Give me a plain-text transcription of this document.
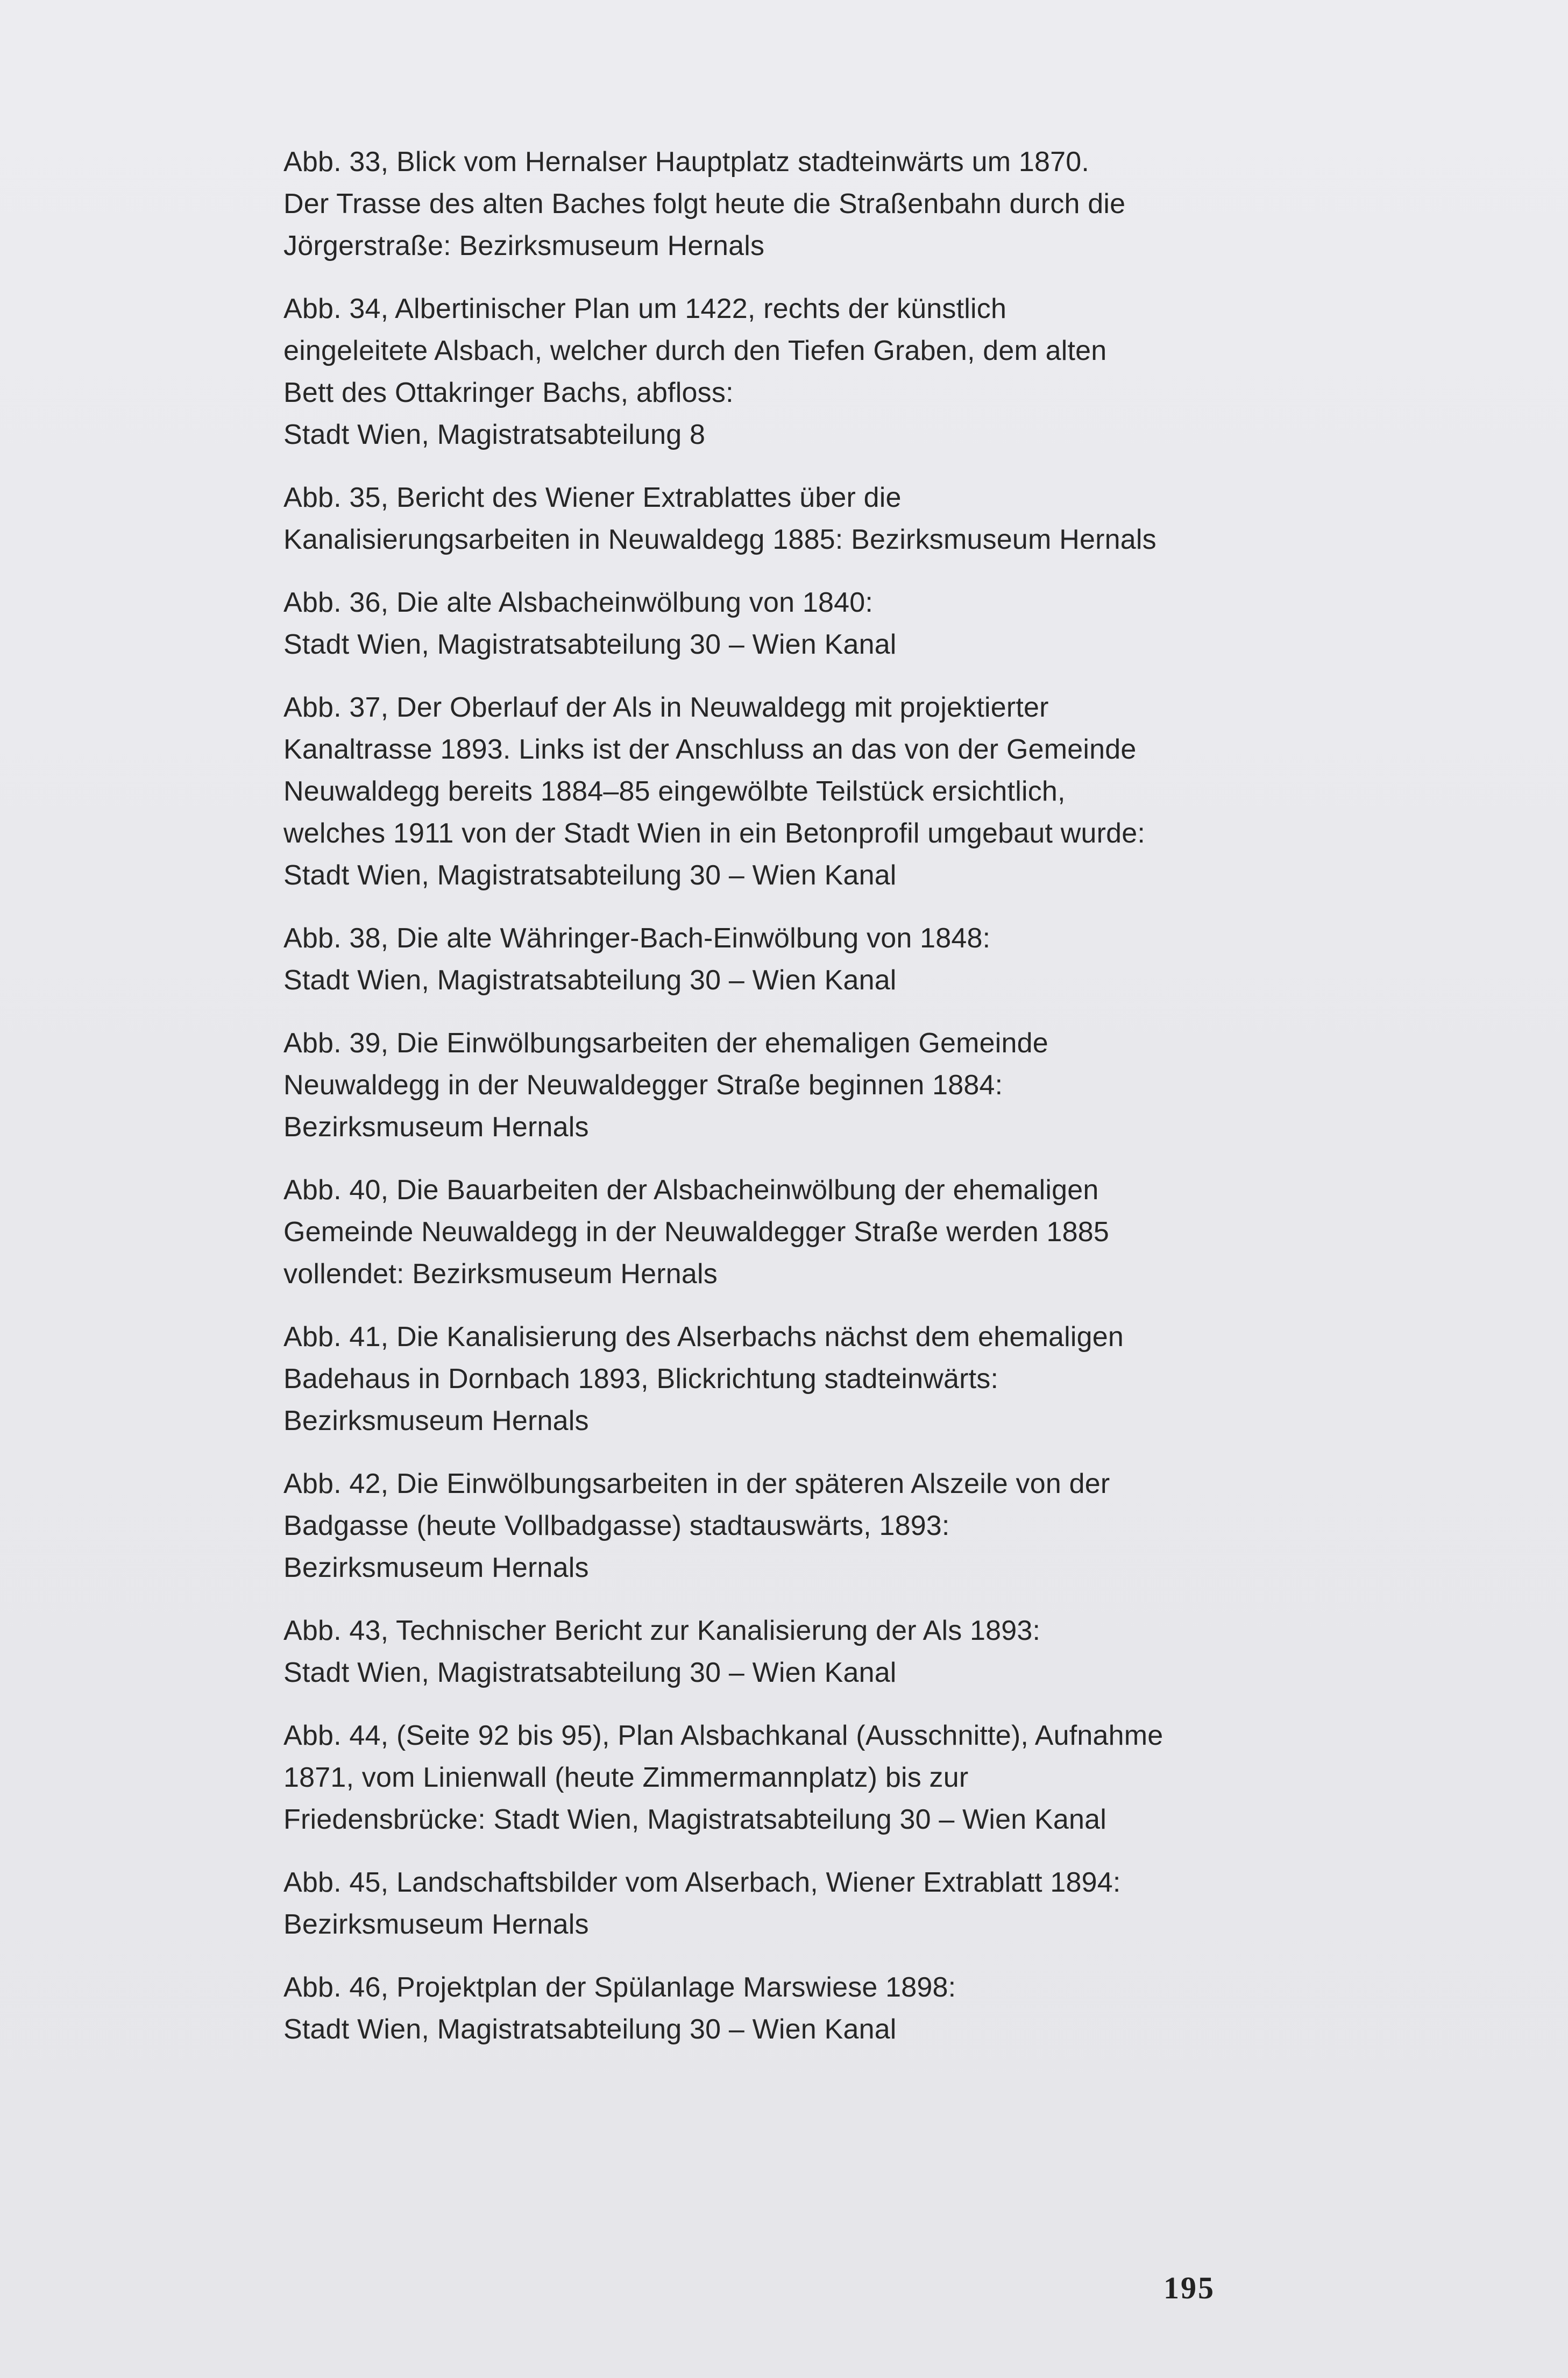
Abb. 33, Blick vom Hernalser Hauptplatz stadteinwärts um 1870.
Der Trasse des alten Baches folgt heute die Straßenbahn durch die
Jörgerstraße: Bezirksmuseum Hernals
Abb. 34, Albertinischer Plan um 1422, rechts der künstlich
eingeleitete Alsbach, welcher durch den Tiefen Graben, dem alten
Bett des Ottakringer Bachs, abfloss:
Stadt Wien, Magistratsabteilung 8
Abb. 35, Bericht des Wiener Extrablattes über die
Kanalisierungsarbeiten in Neuwaldegg 1885: Bezirksmuseum Hernals
Abb. 36, Die alte Alsbacheinwölbung von 1840:
Stadt Wien, Magistratsabteilung 30 – Wien Kanal
Abb. 37, Der Oberlauf der Als in Neuwaldegg mit projektierter
Kanaltrasse 1893. Links ist der Anschluss an das von der Gemeinde
Neuwaldegg bereits 1884–85 eingewölbte Teilstück ersichtlich,
welches 1911 von der Stadt Wien in ein Betonprofil umgebaut wurde:
Stadt Wien, Magistratsabteilung 30 – Wien Kanal
Abb. 38, Die alte Währinger-Bach-Einwölbung von 1848:
Stadt Wien, Magistratsabteilung 30 – Wien Kanal
Abb. 39, Die Einwölbungsarbeiten der ehemaligen Gemeinde
Neuwaldegg in der Neuwaldegger Straße beginnen 1884:
Bezirksmuseum Hernals
Abb. 40, Die Bauarbeiten der Alsbacheinwölbung der ehemaligen
Gemeinde Neuwaldegg in der Neuwaldegger Straße werden 1885
vollendet: Bezirksmuseum Hernals
Abb. 41, Die Kanalisierung des Alserbachs nächst dem ehemaligen
Badehaus in Dornbach 1893, Blickrichtung stadteinwärts:
Bezirksmuseum Hernals
Abb. 42, Die Einwölbungsarbeiten in der späteren Alszeile von der
Badgasse (heute Vollbadgasse) stadtauswärts, 1893:
Bezirksmuseum Hernals
Abb. 43, Technischer Bericht zur Kanalisierung der Als 1893:
Stadt Wien, Magistratsabteilung 30 – Wien Kanal
Abb. 44, (Seite 92 bis 95), Plan Alsbachkanal (Ausschnitte), Aufnahme
1871, vom Linienwall (heute Zimmermannplatz) bis zur
Friedensbrücke: Stadt Wien, Magistratsabteilung 30 – Wien Kanal
Abb. 45, Landschaftsbilder vom Alserbach, Wiener Extrablatt 1894:
Bezirksmuseum Hernals
Abb. 46, Projektplan der Spülanlage Marswiese 1898:
Stadt Wien, Magistratsabteilung 30 – Wien Kanal
195
